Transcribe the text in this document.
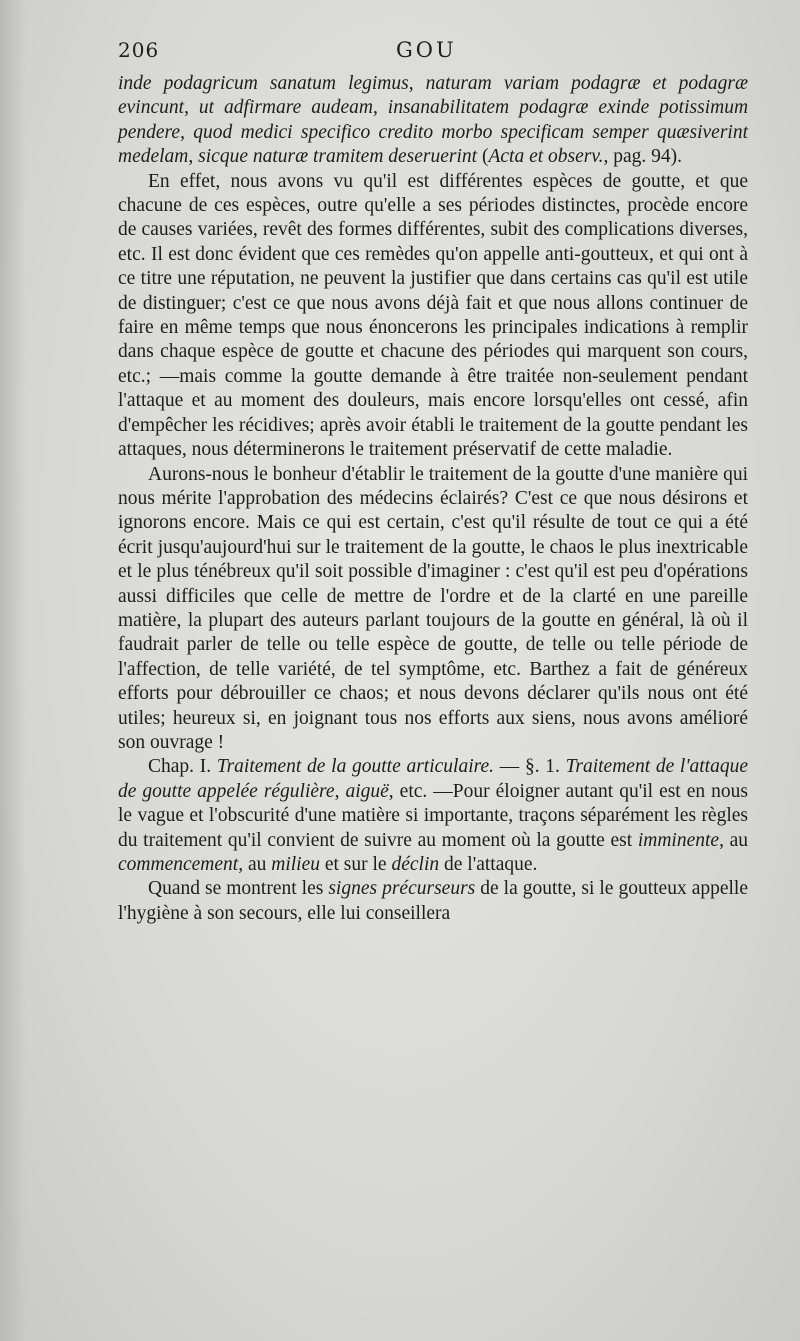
206	GOU

inde podagricum sanatum legimus, naturam variam podagræ et podagræ evincunt, ut adfirmare audeam, insanabilitatem podagræ exinde potissimum pendere, quod medici specifico credito morbo specificam semper quæsiverint medelam, sicque naturæ tramitem deseruerint (Acta et observ., pag. 94).

En effet, nous avons vu qu'il est différentes espèces de goutte, et que chacune de ces espèces, outre qu'elle a ses périodes distinctes, procède encore de causes variées, revêt des formes différentes, subit des complications diverses, etc. Il est donc évident que ces remèdes qu'on appelle anti-goutteux, et qui ont à ce titre une réputation, ne peuvent la justifier que dans certains cas qu'il est utile de distinguer; c'est ce que nous avons déjà fait et que nous allons continuer de faire en même temps que nous énoncerons les principales indications à remplir dans chaque espèce de goutte et chacune des périodes qui marquent son cours, etc.; —mais comme la goutte demande à être traitée non-seulement pendant l'attaque et au moment des douleurs, mais encore lorsqu'elles ont cessé, afin d'empêcher les récidives; après avoir établi le traitement de la goutte pendant les attaques, nous déterminerons le traitement préservatif de cette maladie.

Aurons-nous le bonheur d'établir le traitement de la goutte d'une manière qui nous mérite l'approbation des médecins éclairés? C'est ce que nous désirons et ignorons encore. Mais ce qui est certain, c'est qu'il résulte de tout ce qui a été écrit jusqu'aujourd'hui sur le traitement de la goutte, le chaos le plus inextricable et le plus ténébreux qu'il soit possible d'imaginer : c'est qu'il est peu d'opérations aussi difficiles que celle de mettre de l'ordre et de la clarté en une pareille matière, la plupart des auteurs parlant toujours de la goutte en général, là où il faudrait parler de telle ou telle espèce de goutte, de telle ou telle période de l'affection, de telle variété, de tel symptôme, etc. Barthez a fait de généreux efforts pour débrouiller ce chaos; et nous devons déclarer qu'ils nous ont été utiles; heureux si, en joignant tous nos efforts aux siens, nous avons amélioré son ouvrage !

Chap. I. Traitement de la goutte articulaire. — §. 1. Traitement de l'attaque de goutte appelée régulière, aiguë, etc. —Pour éloigner autant qu'il est en nous le vague et l'obscurité d'une matière si importante, traçons séparément les règles du traitement qu'il convient de suivre au moment où la goutte est imminente, au commencement, au milieu et sur le déclin de l'attaque.

Quand se montrent les signes précurseurs de la goutte, si le goutteux appelle l'hygiène à son secours, elle lui conseillera
